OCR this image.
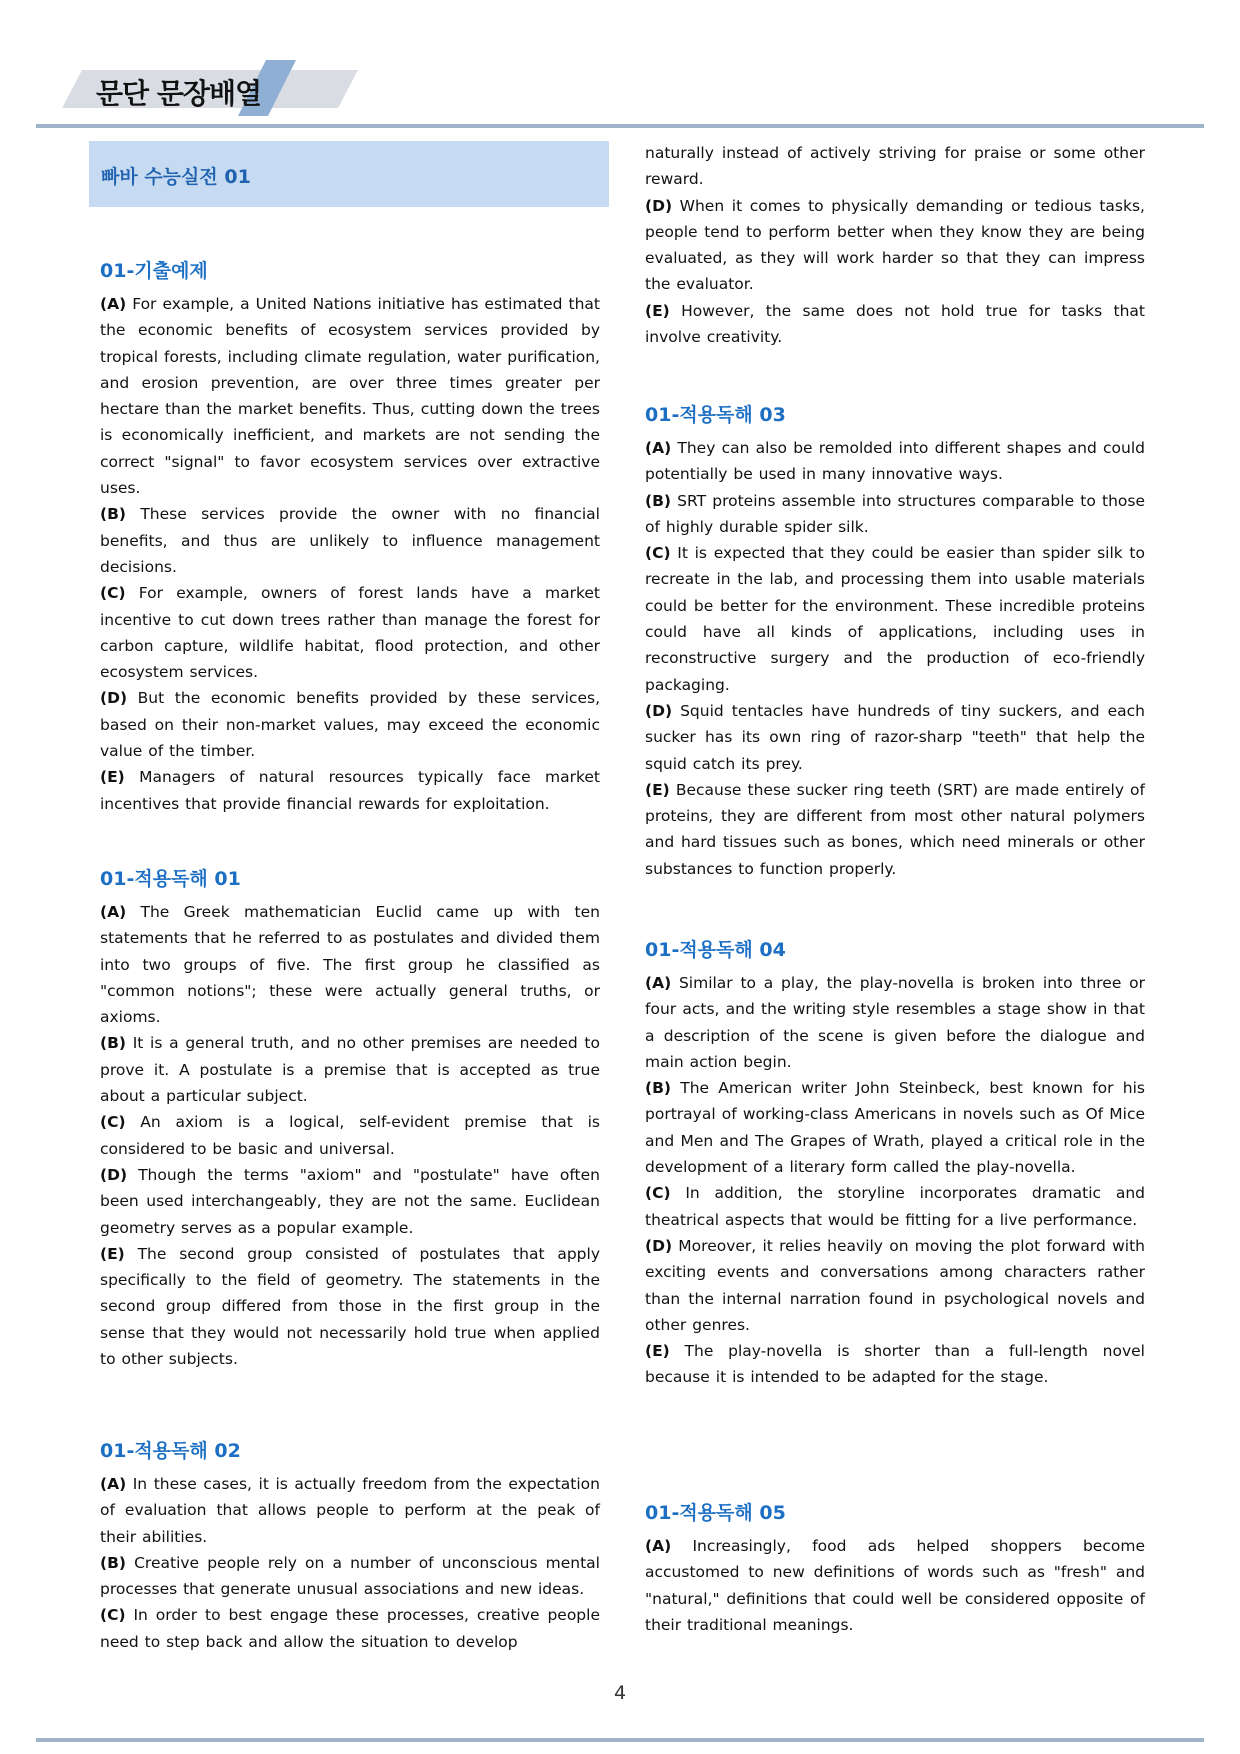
문단 문장배열
빠바 수능실전 01
01-기출예제

(A) For example, a United Nations initiative has estimated that the economic benefits of ecosystem services provided by tropical forests, including climate regulation, water purification, and erosion prevention, are over three times greater per hectare than the market benefits. Thus, cutting down the trees is economically inefficient, and markets are not sending the correct "signal" to favor ecosystem services over extractive uses.

(B) These services provide the owner with no financial benefits, and thus are unlikely to influence management decisions.

(C) For example, owners of forest lands have a market incentive to cut down trees rather than manage the forest for carbon capture, wildlife habitat, flood protection, and other ecosystem services.

(D) But the economic benefits provided by these services, based on their non-market values, may exceed the economic value of the timber.

(E) Managers of natural resources typically face market incentives that provide financial rewards for exploitation.

01-적용독해 01

(A) The Greek mathematician Euclid came up with ten statements that he referred to as postulates and divided them into two groups of five. The first group he classified as "common notions"; these were actually general truths, or axioms.

(B) It is a general truth, and no other premises are needed to prove it. A postulate is a premise that is accepted as true about a particular subject.

(C) An axiom is a logical, self-evident premise that is considered to be basic and universal.

(D) Though the terms "axiom" and "postulate" have often been used interchangeably, they are not the same. Euclidean geometry serves as a popular example.

(E) The second group consisted of postulates that apply specifically to the field of geometry. The statements in the second group differed from those in the first group in the sense that they would not necessarily hold true when applied to other subjects.

01-적용독해 02

(A) In these cases, it is actually freedom from the expectation of evaluation that allows people to perform at the peak of their abilities.

(B) Creative people rely on a number of unconscious mental processes that generate unusual associations and new ideas.

(C) In order to best engage these processes, creative people need to step back and allow the situation to develop

naturally instead of actively striving for praise or some other reward.

(D) When it comes to physically demanding or tedious tasks, people tend to perform better when they know they are being evaluated, as they will work harder so that they can impress the evaluator.

(E) However, the same does not hold true for tasks that involve creativity.

01-적용독해 03

(A) They can also be remolded into different shapes and could potentially be used in many innovative ways.

(B) SRT proteins assemble into structures comparable to those of highly durable spider silk.

(C) It is expected that they could be easier than spider silk to recreate in the lab, and processing them into usable materials could be better for the environment. These incredible proteins could have all kinds of applications, including uses in reconstructive surgery and the production of eco-friendly packaging.

(D) Squid tentacles have hundreds of tiny suckers, and each sucker has its own ring of razor-sharp "teeth" that help the squid catch its prey.

(E) Because these sucker ring teeth (SRT) are made entirely of proteins, they are different from most other natural polymers and hard tissues such as bones, which need minerals or other substances to function properly.

01-적용독해 04

(A) Similar to a play, the play-novella is broken into three or four acts, and the writing style resembles a stage show in that a description of the scene is given before the dialogue and main action begin.

(B) The American writer John Steinbeck, best known for his portrayal of working-class Americans in novels such as Of Mice and Men and The Grapes of Wrath, played a critical role in the development of a literary form called the play-novella.

(C) In addition, the storyline incorporates dramatic and theatrical aspects that would be fitting for a live performance.

(D) Moreover, it relies heavily on moving the plot forward with exciting events and conversations among characters rather than the internal narration found in psychological novels and other genres.

(E) The play-novella is shorter than a full-length novel because it is intended to be adapted for the stage.

01-적용독해 05

(A) Increasingly, food ads helped shoppers become accustomed to new definitions of words such as "fresh" and "natural," definitions that could well be considered opposite of their traditional meanings.

4
